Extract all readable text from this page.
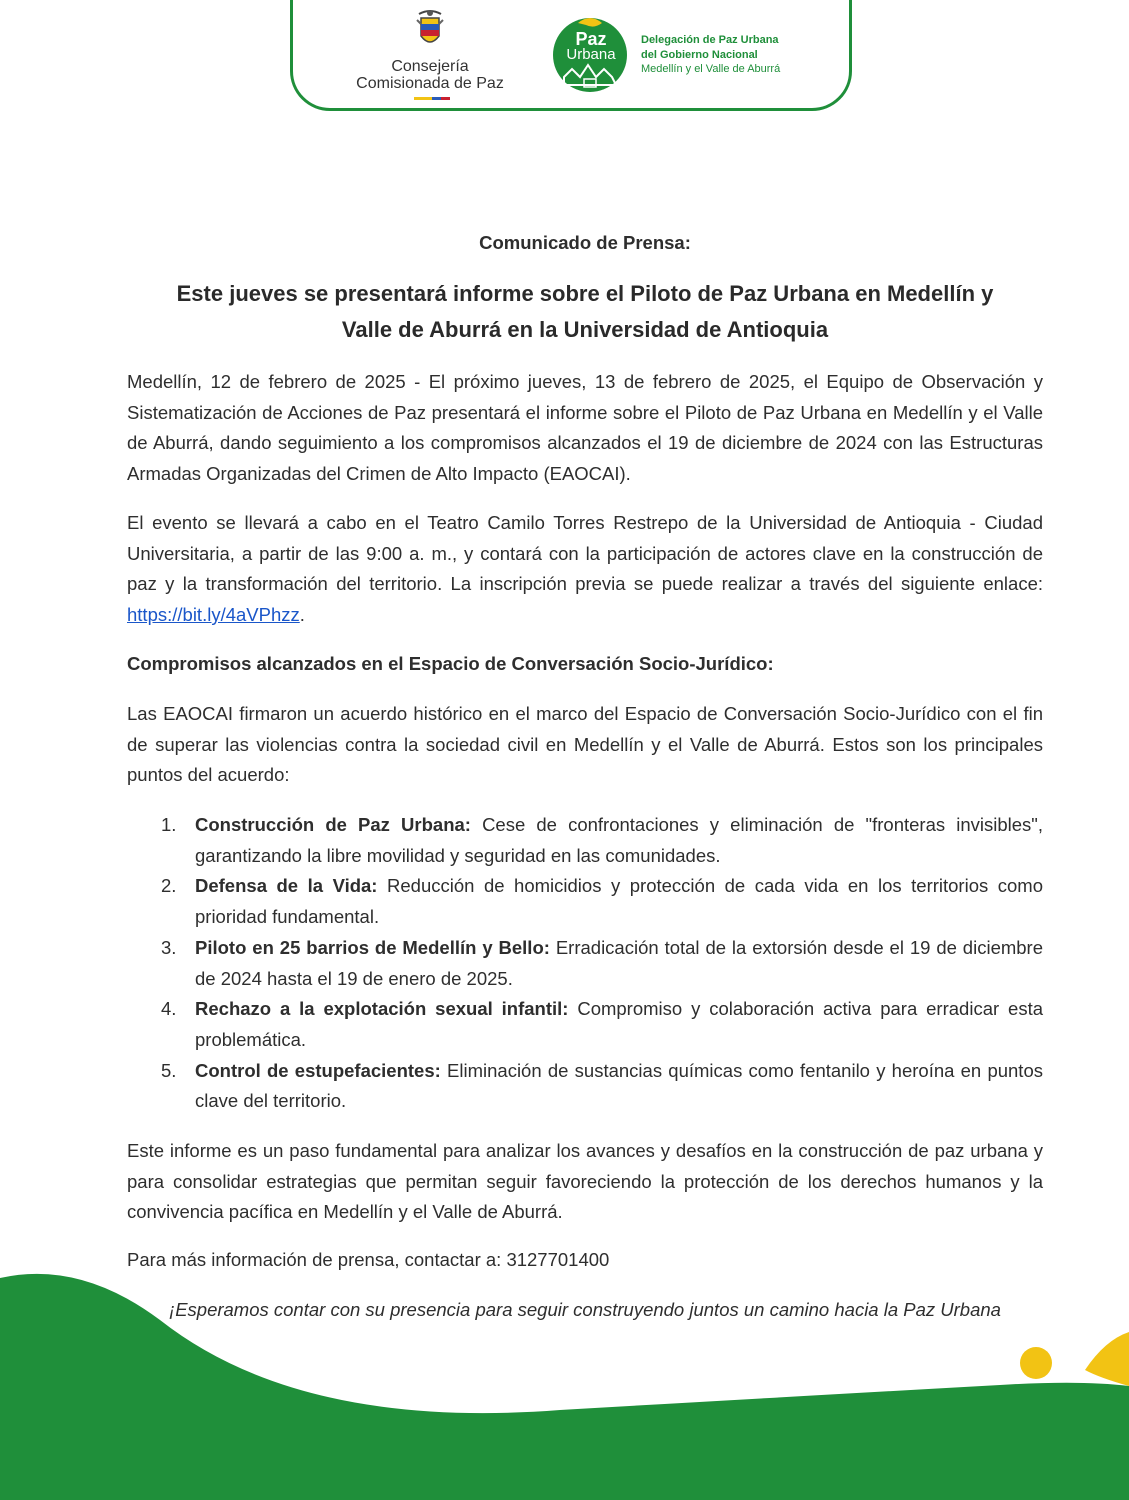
Consejería
Comisionada de Paz
Paz
Urbana
Delegación de Paz Urbana
del Gobierno Nacional
Medellín y el Valle de Aburrá
Comunicado de Prensa:
Este jueves se presentará informe sobre el Piloto de Paz Urbana en Medellín y
Valle de Aburrá en la Universidad de Antioquia

Medellín, 12 de febrero de 2025 - El próximo jueves, 13 de febrero de 2025, el Equipo de Observación y Sistematización de Acciones de Paz presentará el informe sobre el Piloto de Paz Urbana en Medellín y el Valle de Aburrá, dando seguimiento a los compromisos alcanzados el 19 de diciembre de 2024 con las Estructuras Armadas Organizadas del Crimen de Alto Impacto (EAOCAI).

El evento se llevará a cabo en el Teatro Camilo Torres Restrepo de la Universidad de Antioquia - Ciudad Universitaria, a partir de las 9:00 a. m., y contará con la participación de actores clave en la construcción de paz y la transformación del territorio. La inscripción previa se puede realizar a través del siguiente enlace: https://bit.ly/4aVPhzz.

Compromisos alcanzados en el Espacio de Conversación Socio-Jurídico:

Las EAOCAI firmaron un acuerdo histórico en el marco del Espacio de Conversación Socio-Jurídico con el fin de superar las violencias contra la sociedad civil en Medellín y el Valle de Aburrá. Estos son los principales puntos del acuerdo:

1. Construcción de Paz Urbana: Cese de confrontaciones y eliminación de "fronteras invisibles", garantizando la libre movilidad y seguridad en las comunidades.
2. Defensa de la Vida: Reducción de homicidios y protección de cada vida en los territorios como prioridad fundamental.
3. Piloto en 25 barrios de Medellín y Bello: Erradicación total de la extorsión desde el 19 de diciembre de 2024 hasta el 19 de enero de 2025.
4. Rechazo a la explotación sexual infantil: Compromiso y colaboración activa para erradicar esta problemática.
5. Control de estupefacientes: Eliminación de sustancias químicas como fentanilo y heroína en puntos clave del territorio.

Este informe es un paso fundamental para analizar los avances y desafíos en la construcción de paz urbana y para consolidar estrategias que permitan seguir favoreciendo la protección de los derechos humanos y la convivencia pacífica en Medellín y el Valle de Aburrá.

Para más información de prensa, contactar a: 3127701400

¡Esperamos contar con su presencia para seguir construyendo juntos un camino hacia la Paz Urbana
